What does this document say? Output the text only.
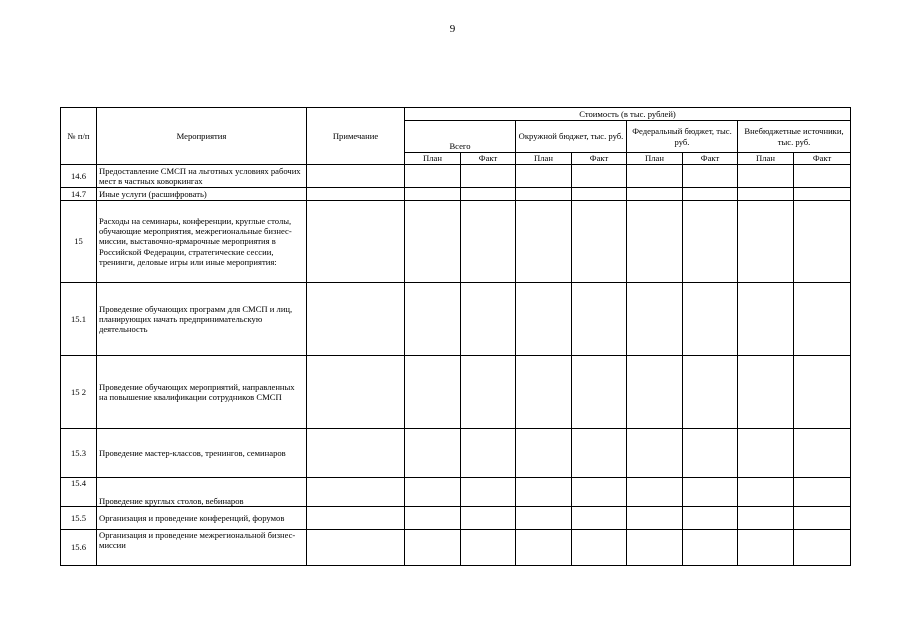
9
№ п/п	Мероприятия	Примечание	Стоимость (в тыс. рублей)							
			Всего		Окружной бюджет, тыс. руб.		Федеральный бюджет, тыс. руб.		Внебюджетные источники, тыс. руб.	
			План	Факт	План	Факт	План	Факт	План	Факт
14.6	Предоставление СМСП на льготных условиях рабочих мест в частных коворкингах									
14.7	Иные услуги (расшифровать)									
15	Расходы на семинары, конференции, круглые столы, обучающие мероприятия, межрегиональные бизнес-миссии, выставочно-ярмарочные мероприятия в Российской Федерации, стратегические сессии, тренинги, деловые игры или иные мероприятия:									
15.1	Проведение обучающих программ для СМСП и лиц, планирующих начать предпринимательскую деятельность									
15 2	Проведение обучающих мероприятий, направленных на повышение квалификации сотрудников СМСП									
15.3	Проведение мастер-классов, тренингов, семинаров									
15.4	Проведение круглых столов, вебинаров									
15.5	Организация и проведение конференций, форумов									
15.6	Организация и проведение межрегиональной бизнес-миссии									
